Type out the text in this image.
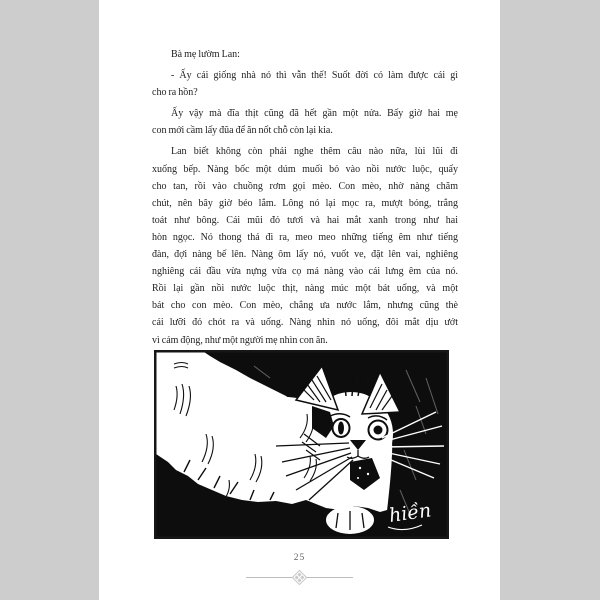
Bà mẹ lườm Lan:
- Ấy cái giống nhà nó thì vẫn thế! Suốt đời có làm được cái gì
cho ra hồn?
Ấy vậy mà đĩa thịt cũng đã hết gần một nửa. Bấy giờ hai mẹ
con mới cầm lấy đũa để ăn nốt chỗ còn lại kia.
Lan biết không còn phải nghe thêm câu nào nữa, lùi lũi đi
xuống bếp. Nàng bốc một dúm muối bỏ vào nồi nước luộc, quấy
cho tan, rồi vào chuồng rơm gọi mèo. Con mèo, nhờ nàng chăm
chút, nên bây giờ béo lắm. Lông nó lại mọc ra, mượt bóng, trắng
toát như bông. Cái mũi đỏ tươi và hai mắt xanh trong như hai
hòn ngọc. Nó thong thả đi ra, meo meo những tiếng êm như tiếng
đàn, đợi nàng bế lên. Nàng ôm lấy nó, vuốt ve, đặt lên vai, nghiêng
nghiêng cái đầu vừa nựng vừa cọ má nàng vào cái lưng êm của nó.
Rồi lại gần nồi nước luộc thịt, nàng múc một bát uống, và một
bát cho con mèo. Con mèo, chẳng ưa nước lắm, nhưng cũng thè
cái lưỡi đỏ chót ra và uống. Nàng nhìn nó uống, đôi mắt dịu ướt
vì cảm động, như một người mẹ nhìn con ăn.
hiền
25
